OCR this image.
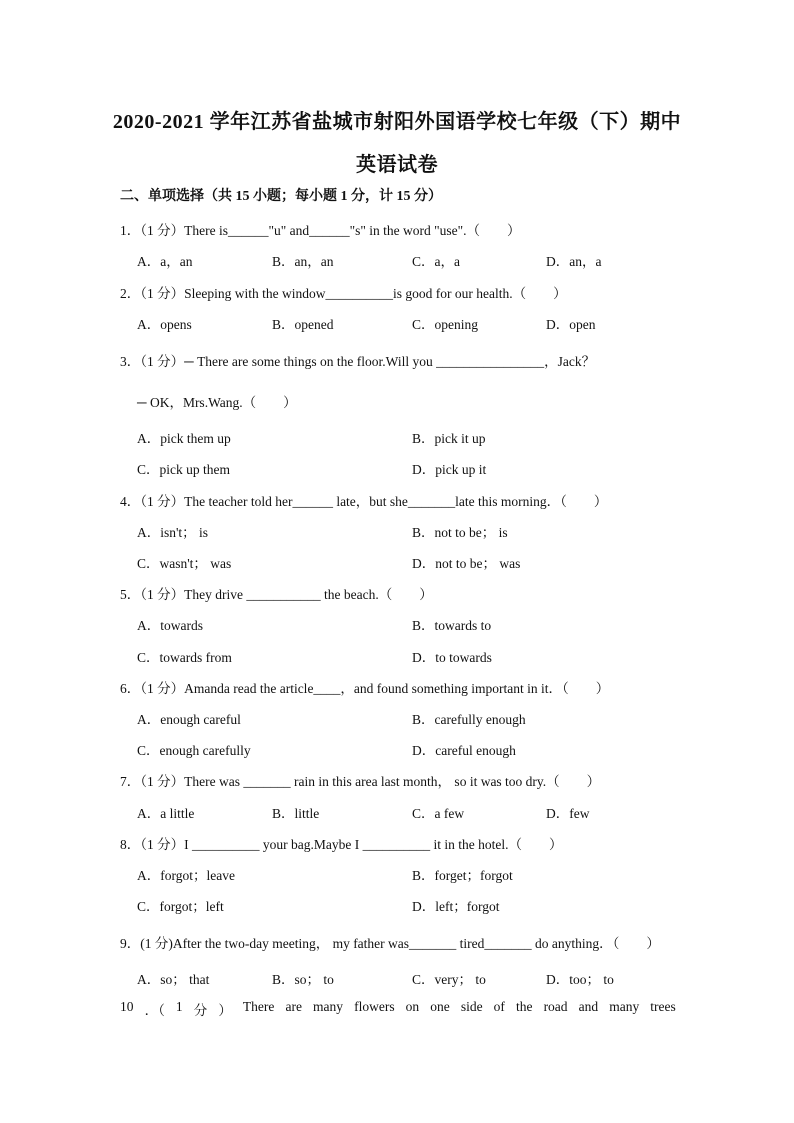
2020-2021 学年江苏省盐城市射阳外国语学校七年级（下）期中
英语试卷
二、单项选择（共 15 小题；每小题 1 分，计 15 分）
1．（1 分）There is______"u" and______"s" in the word "use".（　　）
A．a，an	B．an，an	C．a，a	D．an，a
2．（1 分）Sleeping with the window__________is good for our health.（　　）
A．opens	B．opened	C．opening	D．open
3．（1 分）─ There are some things on the floor.Will you ________________，Jack？
─ OK，Mrs.Wang.（　　）
A．pick them up	B．pick it up
C．pick up them	D．pick up it
4．（1 分）The teacher told her______ late，but she_______late this morning．（　　）
A．isn't； is	B．not to be； is
C．wasn't； was	D．not to be； was
5．（1 分）They drive ___________ the beach.（　　）
A．towards	B．towards to
C．towards from	D．to towards
6．（1 分）Amanda read the article____，and found something important in it．（　　）
A．enough careful	B．carefully enough
C．enough carefully	D．careful enough
7．（1 分）There was _______ rain in this area last month， so it was too dry.（　　）
A．a little	B．little	C．a few	D．few
8．（1 分）I __________ your bag.Maybe I __________ it in the hotel.（　　）
A．forgot；leave	B．forget；forgot
C．forgot；left	D．left；forgot
9．(1 分)After the two-day meeting， my father was_______ tired_______ do anything．（　　）
A．so； that	B．so； to	C．very； to	D．too； to
10 ．（ 1 分 ） There are many flowers on one side of the road and many trees
